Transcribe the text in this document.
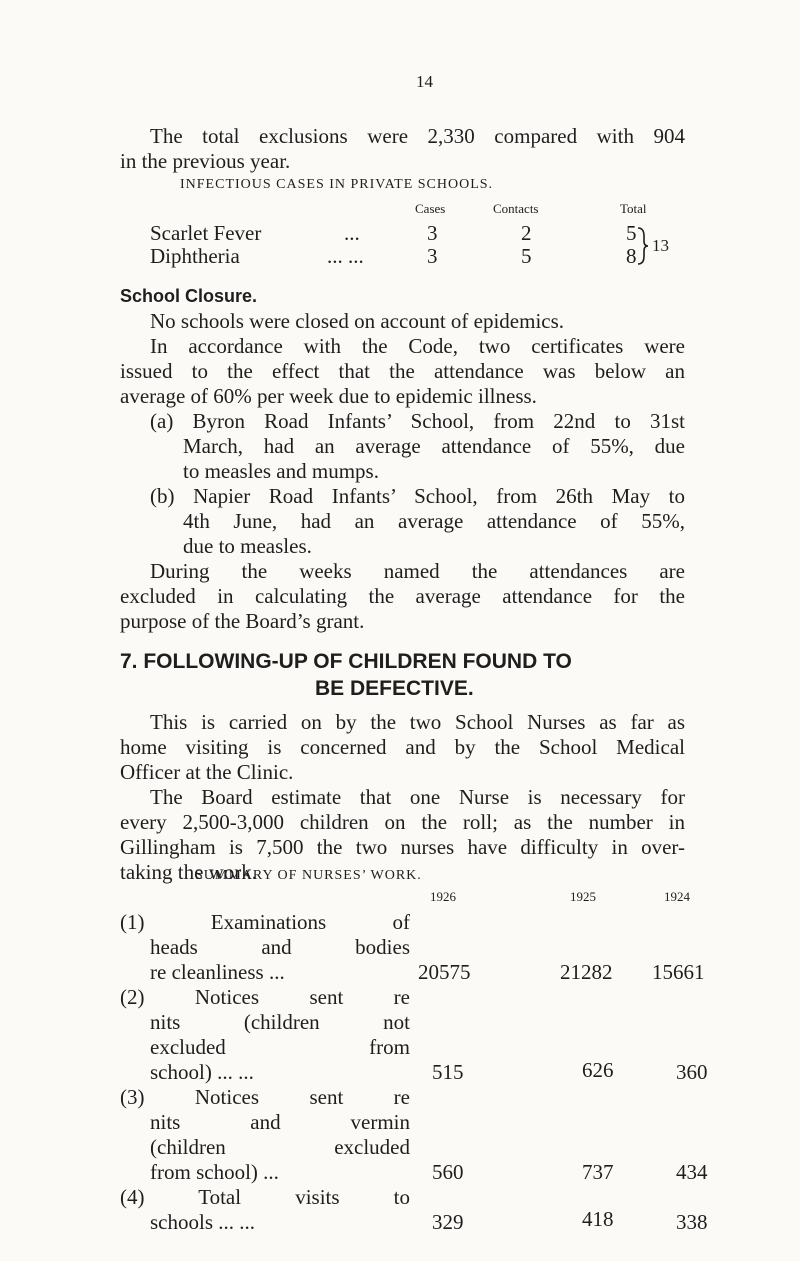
14
The total exclusions were 2,330 compared with 904
in the previous year.
INFECTIOUS CASES IN PRIVATE SCHOOLS.
Cases	Contacts	Total
Scarlet Fever	...	3	2	5
Diphtheria	... ...	3	5	8 13
School Closure.
No schools were closed on account of epidemics.
In accordance with the Code, two certificates were
issued to the effect that the attendance was below an
average of 60% per week due to epidemic illness.
(a) Byron Road Infants’ School, from 22nd to 31st
March, had an average attendance of 55%, due
to measles and mumps.
(b) Napier Road Infants’ School, from 26th May to
4th June, had an average attendance of 55%,
due to measles.
During the weeks named the attendances are
excluded in calculating the average attendance for the
purpose of the Board’s grant.
7. FOLLOWING-UP OF CHILDREN FOUND TO
BE DEFECTIVE.
This is carried on by the two School Nurses as far as
home visiting is concerned and by the School Medical
Officer at the Clinic.
The Board estimate that one Nurse is necessary for
every 2,500-3,000 children on the roll; as the number in
Gillingham is 7,500 the two nurses have difficulty in over-
taking the work.
SUMMARY OF NURSES’ WORK.
1926	1925	1924
(1) Examinations of
heads and bodies
re cleanliness ...	20575	21282 15661
(2) Notices sent re
nits (children not
excluded from
school) ... ...	515	626	360
(3) Notices sent re
nits and vermin
(children excluded
from school) ...	560	737	434
(4) Total visits to
schools ... ...	329	418	338
